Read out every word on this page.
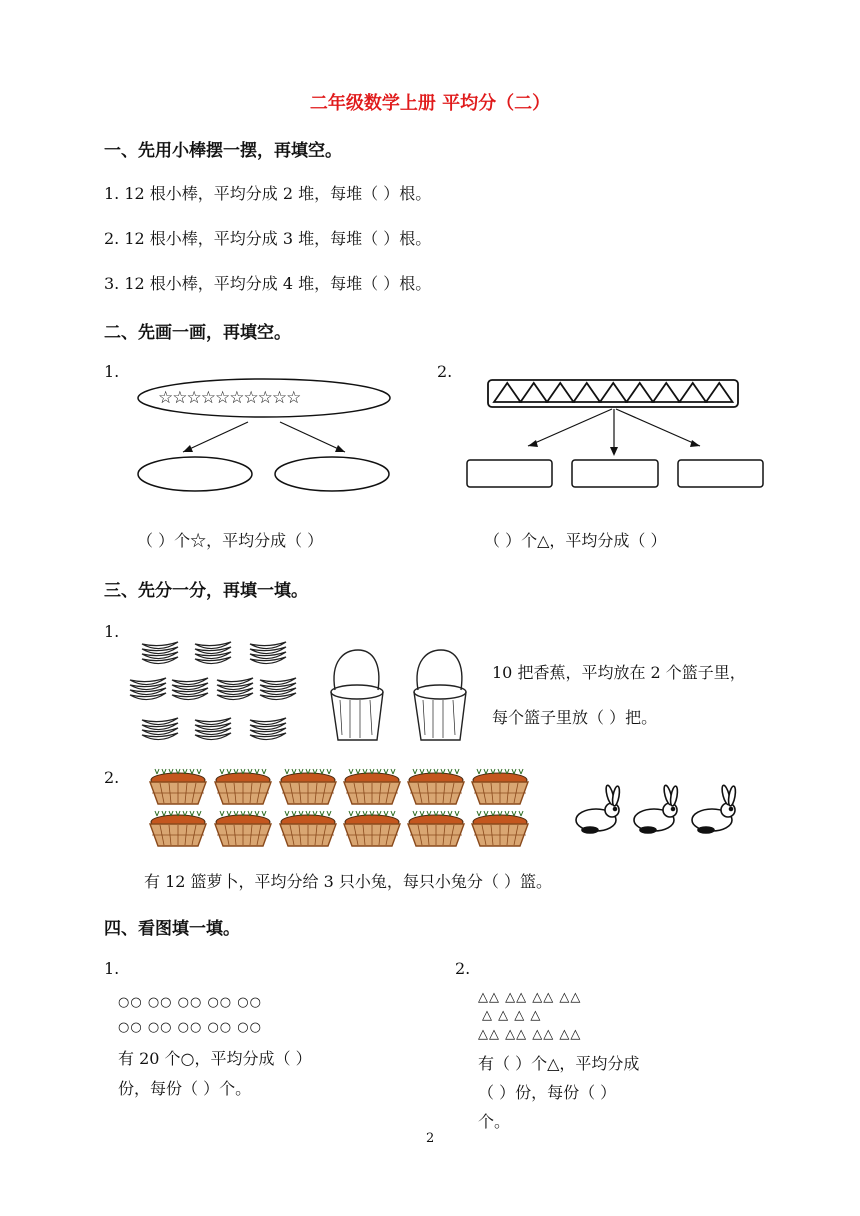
二年级数学上册 平均分（二）
一、先用小棒摆一摆，再填空。
1. 12 根小棒，平均分成 2 堆，每堆（ ）根。
2. 12 根小棒，平均分成 3 堆，每堆（ ）根。
3. 12 根小棒，平均分成 4 堆，每堆（ ）根。
二、先画一画，再填空。
1.	2.
☆☆☆☆☆☆☆☆☆☆
（ ）个☆，平均分成（ ）	（ ）个△，平均分成（ ）
三、先分一分，再填一填。
1.
10 把香蕉，平均放在 2 个篮子里，
每个篮子里放（ ）把。
2.
有 12 篮萝卜，平均分给 3 只小兔，每只小兔分（ ）篮。
四、看图填一填。
1.
○○ ○○ ○○ ○○ ○○
○○ ○○ ○○ ○○ ○○
有 20 个○，平均分成（ ）
份，每份（ ）个。
2.
△△ △△ △△ △△
△ △ △ △
△△ △△ △△ △△
有（ ）个△，平均分成
（ ）份，每份（ ）
个。
2
